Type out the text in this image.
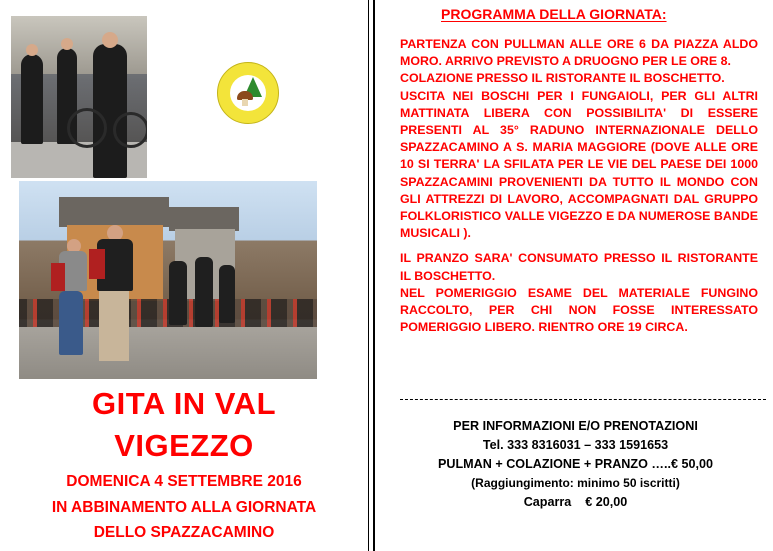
GITA IN VAL
VIGEZZO
DOMENICA 4 SETTEMBRE 2016
IN ABBINAMENTO ALLA GIORNATA
DELLO SPAZZACAMINO
PROGRAMMA DELLA GIORNATA:

PARTENZA CON PULLMAN ALLE ORE 6 DA PIAZZA ALDO MORO. ARRIVO PREVISTO A DRUOGNO PER LE ORE 8.

COLAZIONE PRESSO IL RISTORANTE IL BOSCHETTO.

USCITA NEI BOSCHI PER I FUNGAIOLI, PER GLI ALTRI MATTINATA LIBERA CON POSSIBILITA' DI ESSERE PRESENTI AL 35° RADUNO INTERNAZIONALE DELLO SPAZZACAMINO A S. MARIA MAGGIORE (DOVE ALLE ORE 10 SI TERRA' LA SFILATA PER LE VIE DEL PAESE DEI 1000 SPAZZACAMINI PROVENIENTI DA TUTTO IL MONDO CON GLI ATTREZZI DI LAVORO, ACCOMPAGNATI DAL GRUPPO FOLKLORISTICO VALLE VIGEZZO E DA NUMEROSE BANDE MUSICALI ).

IL PRANZO SARA' CONSUMATO PRESSO IL RISTORANTE IL BOSCHETTO.

NEL POMERIGGIO ESAME DEL MATERIALE FUNGINO RACCOLTO, PER CHI NON FOSSE INTERESSATO POMERIGGIO LIBERO. RIENTRO ORE 19 CIRCA.

PER INFORMAZIONI E/O PRENOTAZIONI
Tel. 333 8316031 – 333 1591653
PULMAN + COLAZIONE + PRANZO …..€ 50,00
(Raggiungimento: minimo 50 iscritti)
Caparra    € 20,00
